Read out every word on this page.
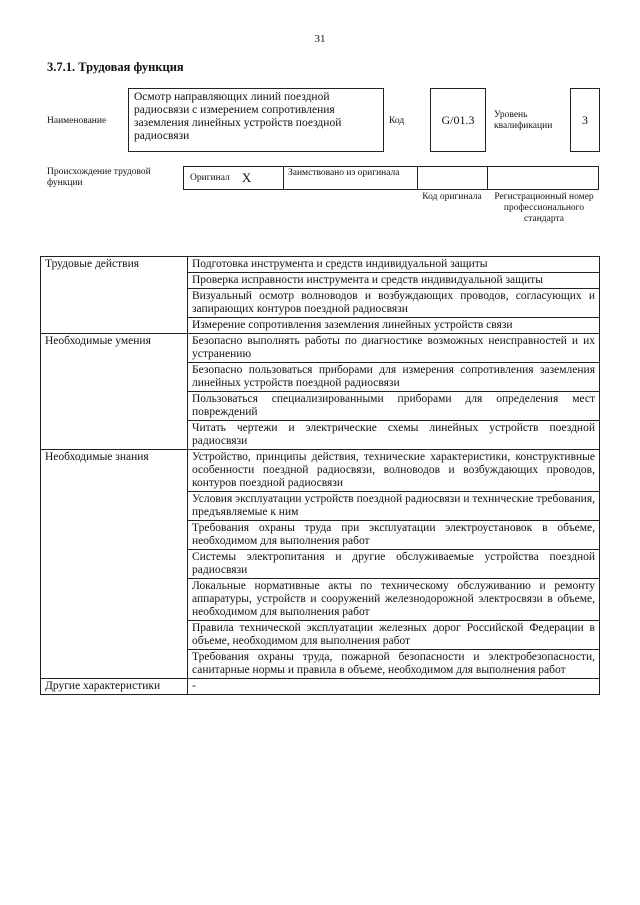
31
3.7.1. Трудовая функция
Наименование
Осмотр направляющих линий поездной радиосвязи с измерением сопротивления заземления линейных устройств поездной радиосвязи
Код	G/01.3 Уровень квалификации	3
Происхождение трудовой функции
Оригинал X	Заимствовано из оригинала
Код оригинала	Регистрационный номер профессионального стандарта
Трудовые действия	Подготовка инструмента и средств индивидуальной защиты
	Проверка исправности инструмента и средств индивидуальной защиты
	Визуальный осмотр волноводов и возбуждающих проводов, согласующих и запирающих контуров поездной радиосвязи
	Измерение сопротивления заземления линейных устройств связи
Необходимые умения	Безопасно выполнять работы по диагностике возможных неисправностей и их устранению
	Безопасно пользоваться приборами для измерения сопротивления заземления линейных устройств поездной радиосвязи
	Пользоваться специализированными приборами для определения мест повреждений
	Читать чертежи и электрические схемы линейных устройств поездной радиосвязи
Необходимые знания	Устройство, принципы действия, технические характеристики, конструктивные особенности поездной радиосвязи, волноводов и возбуждающих проводов, контуров поездной радиосвязи
	Условия эксплуатации устройств поездной радиосвязи и технические требования, предъявляемые к ним
	Требования охраны труда при эксплуатации электроустановок в объеме, необходимом для выполнения работ
	Системы электропитания и другие обслуживаемые устройства поездной радиосвязи
	Локальные нормативные акты по техническому обслуживанию и ремонту аппаратуры, устройств и сооружений железнодорожной электросвязи в объеме, необходимом для выполнения работ
	Правила технической эксплуатации железных дорог Российской Федерации в объеме, необходимом для выполнения работ
	Требования охраны труда, пожарной безопасности и электробезопасности, санитарные нормы и правила в объеме, необходимом для выполнения работ
Другие характеристики	-
